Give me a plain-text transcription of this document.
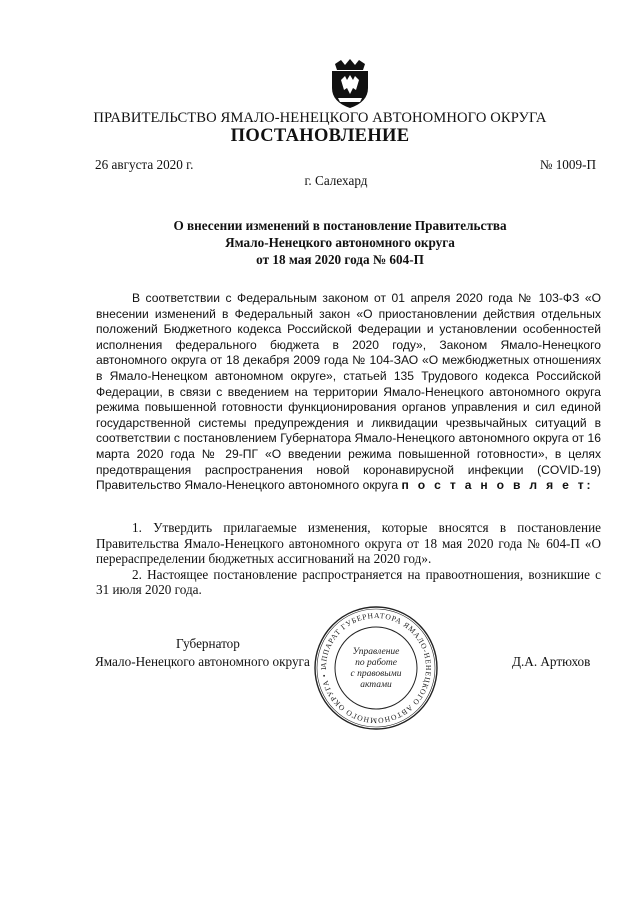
ПРАВИТЕЛЬСТВО ЯМАЛО-НЕНЕЦКОГО АВТОНОМНОГО ОКРУГА
ПОСТАНОВЛЕНИЕ
26 августа 2020 г.	№ 1009-П
г. Салехард
О внесении изменений в постановление Правительства
Ямало-Ненецкого автономного округа
от 18 мая 2020 года № 604-П

В соответствии с Федеральным законом от 01 апреля 2020 года № 103-ФЗ «О внесении изменений в Федеральный закон «О приостановлении действия отдельных положений Бюджетного кодекса Российской Федерации и установлении особенностей исполнения федерального бюджета в 2020 году», Законом Ямало-Ненецкого автономного округа от 18 декабря 2009 года № 104-ЗАО «О межбюджетных отношениях в Ямало-Ненецком автономном округе», статьей 135 Трудового кодекса Российской Федерации, в связи с введением на территории Ямало-Ненецкого автономного округа режима повышенной готовности функционирования органов управления и сил единой государственной системы предупреждения и ликвидации чрезвычайных ситуаций в соответствии с постановлением Губернатора Ямало-Ненецкого автономного округа от 16 марта 2020 года № 29-ПГ «О введении режима повышенной готовности», в целях предотвращения распространения новой коронавирусной инфекции (COVID-19) Правительство Ямало-Ненецкого автономного округа п о с т а н о в л я е т:

1. Утвердить прилагаемые изменения, которые вносятся в постановление Правительства Ямало-Ненецкого автономного округа от 18 мая 2020 года № 604-П «О перераспределении бюджетных ассигнований на 2020 год».

2. Настоящее постановление распространяется на правоотношения, возникшие с 31 июля 2020 года.

Губернатор
Ямало-Ненецкого автономного округа	Д.А. Артюхов
АППАРАТ ГУБЕРНАТОРА ЯМАЛО-НЕНЕЦКОГО АВТОНОМНОГО ОКРУГА • 1
Управление
по работе
с правовыми
актами
